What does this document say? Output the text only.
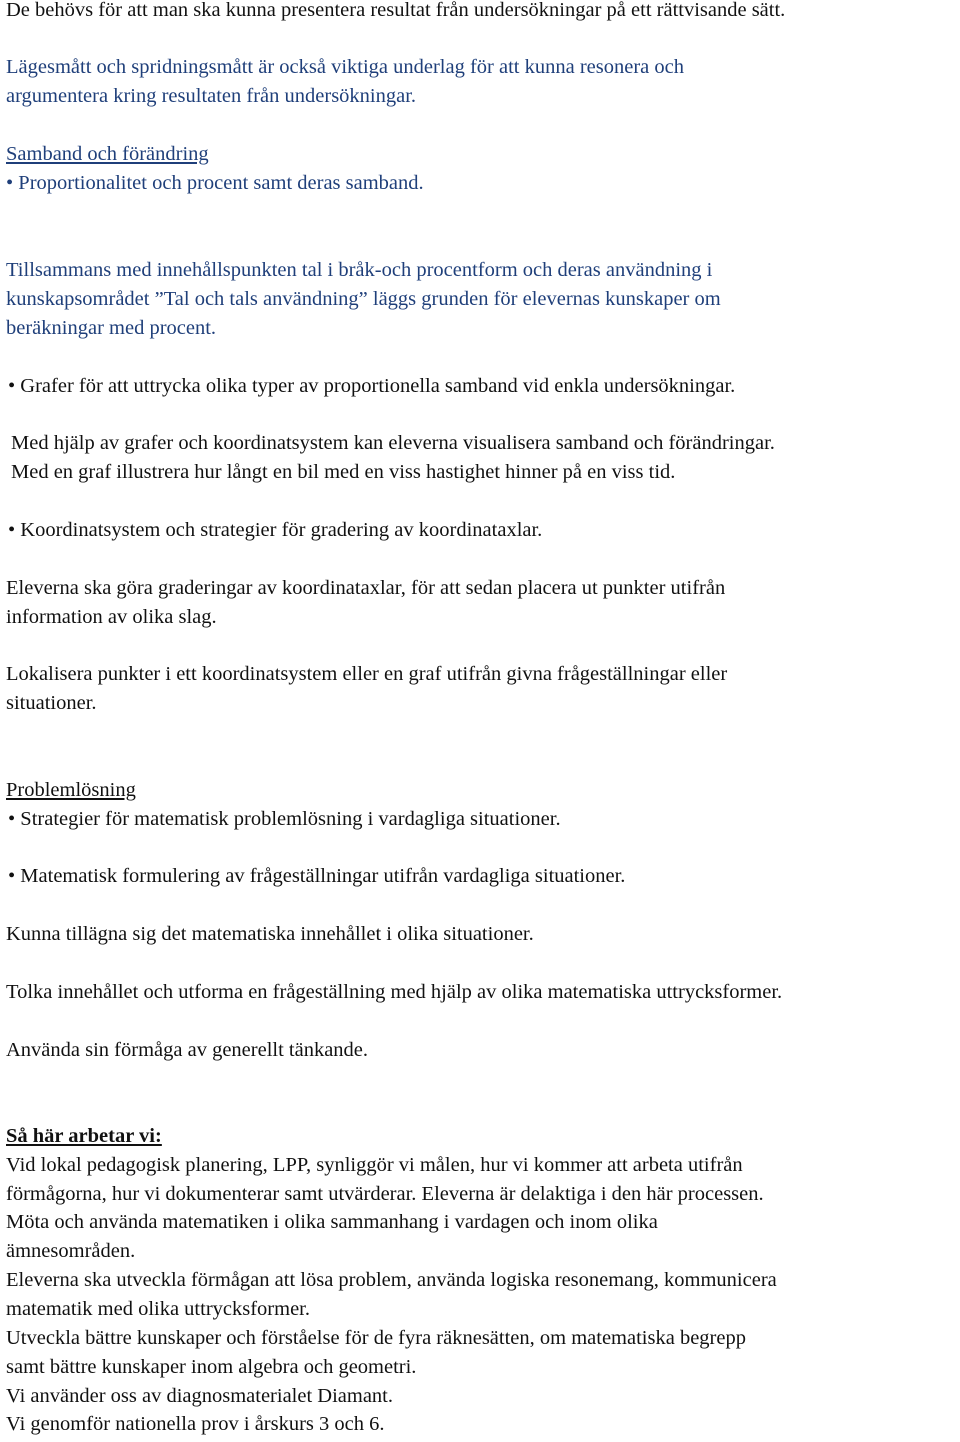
De behövs för att man ska kunna presentera resultat från undersökningar på ett rättvisande sätt.
Lägesmått och spridningsmått är också viktiga underlag för att kunna resonera och
argumentera kring resultaten från undersökningar.
Samband och förändring
• Proportionalitet och procent samt deras samband.
Tillsammans med innehållspunkten tal i bråk-och procentform och deras användning i
kunskapsområdet ”Tal och tals användning” läggs grunden för elevernas kunskaper om
beräkningar med procent.
• Grafer för att uttrycka olika typer av proportionella samband vid enkla undersökningar.
Med hjälp av grafer och koordinatsystem kan eleverna visualisera samband och förändringar.
Med en graf illustrera hur långt en bil med en viss hastighet hinner på en viss tid.
• Koordinatsystem och strategier för gradering av koordinataxlar.
Eleverna ska göra graderingar av koordinataxlar, för att sedan placera ut punkter utifrån
information av olika slag.
Lokalisera punkter i ett koordinatsystem eller en graf utifrån givna frågeställningar eller
situationer.
Problemlösning
• Strategier för matematisk problemlösning i vardagliga situationer.
• Matematisk formulering av frågeställningar utifrån vardagliga situationer.
Kunna tillägna sig det matematiska innehållet i olika situationer.
Tolka innehållet och utforma en frågeställning med hjälp av olika matematiska uttrycksformer.
Använda sin förmåga av generellt tänkande.
Så här arbetar vi:
Vid lokal pedagogisk planering, LPP, synliggör vi målen, hur vi kommer att arbeta utifrån
förmågorna, hur vi dokumenterar samt utvärderar. Eleverna är delaktiga i den här processen.
Möta och använda matematiken i olika sammanhang i vardagen och inom olika
ämnesområden.
Eleverna ska utveckla förmågan att lösa problem, använda logiska resonemang, kommunicera
matematik med olika uttrycksformer.
Utveckla bättre kunskaper och förståelse för de fyra räknesätten, om matematiska begrepp
samt bättre kunskaper inom algebra och geometri.
Vi använder oss av diagnosmaterialet Diamant.
Vi genomför nationella prov i årskurs 3 och 6.
